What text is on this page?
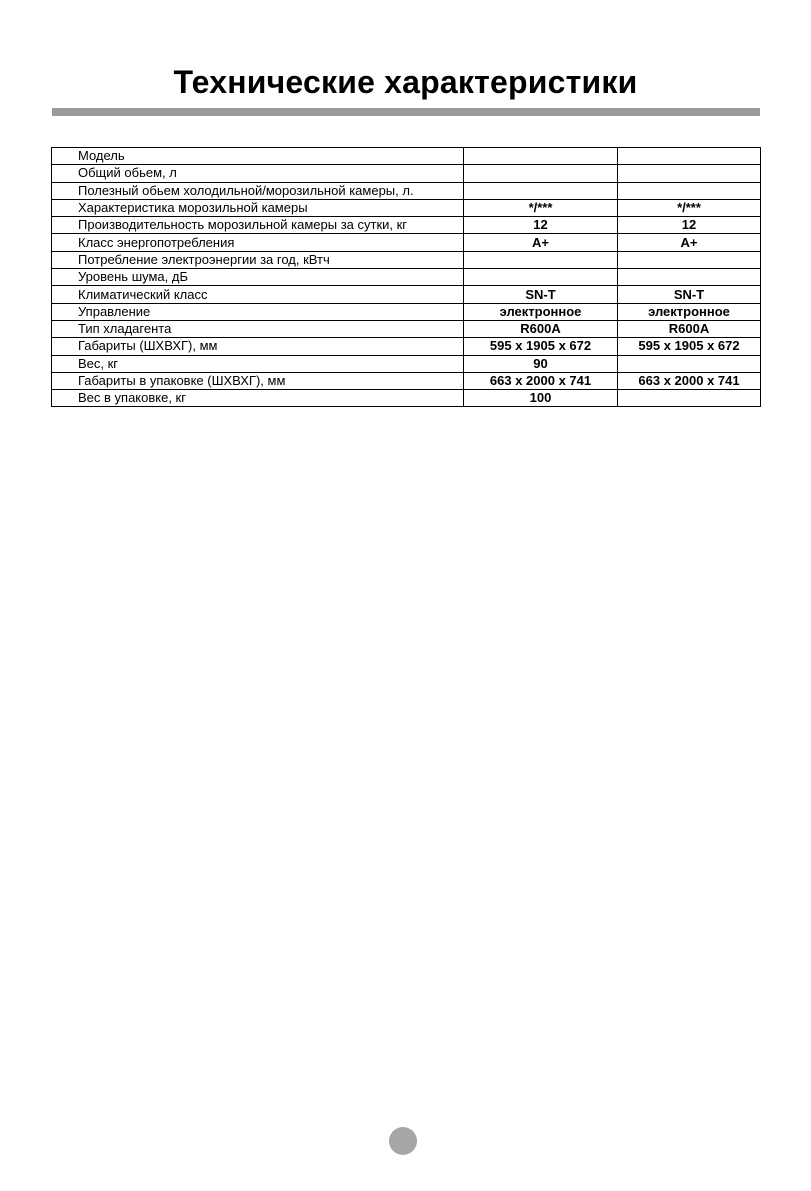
Технические характеристики
Модель		
Общий обьем, л		
Полезный обьем холодильной/морозильной камеры, л.		
Характеристика морозильной камеры	*/***	*/***
Производительность морозильной камеры за сутки, кг	12	12
Класс энергопотребления	A+	A+
Потребление электроэнергии за год, кВтч		
Уровень шума, дБ		
Климатический класс	SN-T	SN-T
Управление	электронное	электронное
Тип хладагента	R600A	R600A
Габариты (ШХВХГ), мм	595 x 1905 x 672	595 x 1905 x 672
Вес, кг	90	
Габариты в упаковке (ШХВХГ), мм	663 x 2000 x 741	663 x 2000 x 741
Вес в упаковке, кг	100	
